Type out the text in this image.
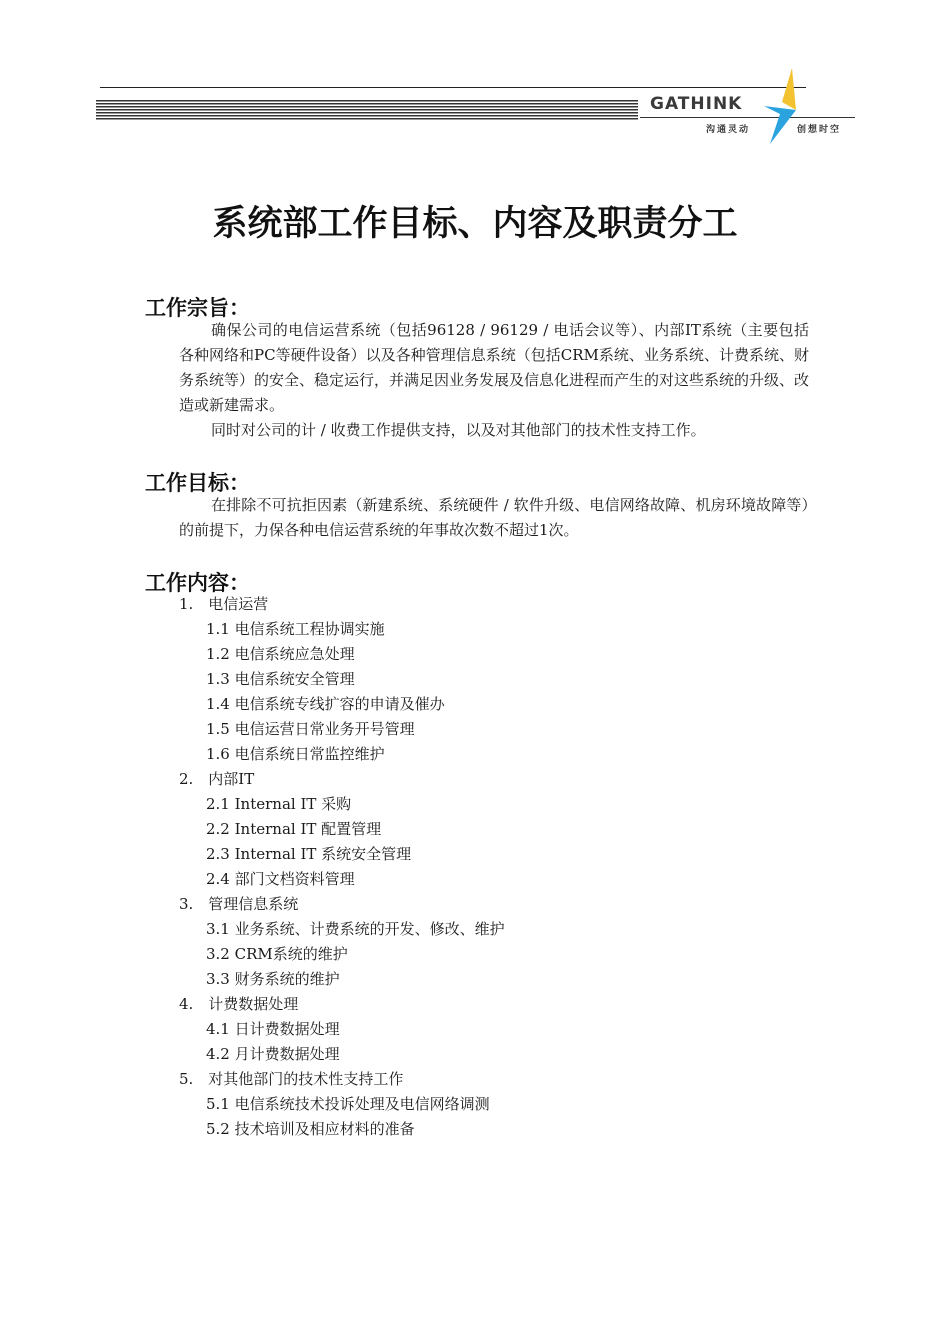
GATHINK
沟通灵动	创想时空
系统部工作目标、内容及职责分工
工作宗旨：
确保公司的电信运营系统（包括96128 / 96129 / 电话会议等）、内部IT系统（主要包括各种网络和PC等硬件设备）以及各种管理信息系统（包括CRM系统、业务系统、计费系统、财务系统等）的安全、稳定运行，并满足因业务发展及信息化进程而产生的对这些系统的升级、改造或新建需求。
同时对公司的计 / 收费工作提供支持，以及对其他部门的技术性支持工作。
工作目标：
在排除不可抗拒因素（新建系统、系统硬件 / 软件升级、电信网络故障、机房环境故障等）的前提下，力保各种电信运营系统的年事故次数不超过1次。
工作内容：
1.　电信运营
1.1 电信系统工程协调实施
1.2 电信系统应急处理
1.3 电信系统安全管理
1.4 电信系统专线扩容的申请及催办
1.5 电信运营日常业务开号管理
1.6 电信系统日常监控维护
2.　内部IT
2.1 Internal IT 采购
2.2 Internal IT 配置管理
2.3 Internal IT 系统安全管理
2.4 部门文档资料管理
3.　管理信息系统
3.1 业务系统、计费系统的开发、修改、维护
3.2 CRM系统的维护
3.3 财务系统的维护
4.　计费数据处理
4.1 日计费数据处理
4.2 月计费数据处理
5.　对其他部门的技术性支持工作
5.1 电信系统技术投诉处理及电信网络调测
5.2 技术培训及相应材料的准备
